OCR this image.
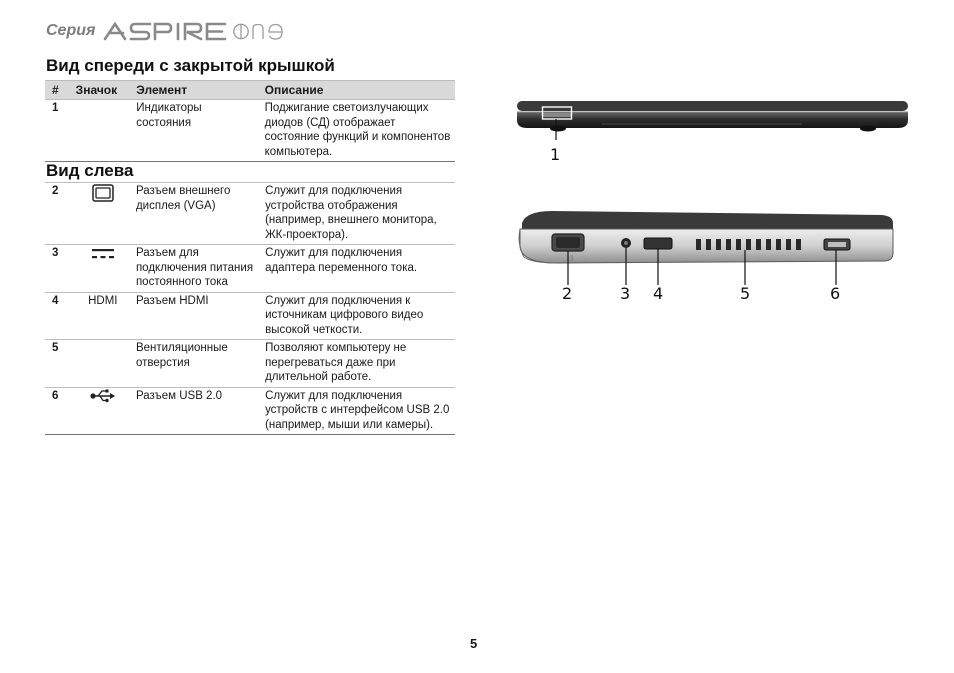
Серия
Вид спереди с закрытой крышкой
#	Значок	Элемент	Описание
1		Индикаторы состояния	Поджигание светоизлучающих диодов (СД) отображает состояние функций и компонентов компьютера.
Вид слева
2		Разъем внешнего дисплея (VGA)	Служит для подключения устройства отображения (например, внешнего монитора, ЖК-проектора).
3		Разъем для подключения питания постоянного тока	Служит для подключения адаптера переменного тока.
4	HDMI	Разъем HDMI	Служит для подключения к источникам цифрового видео высокой четкости.
5		Вентиляционные отверстия	Позволяют компьютеру не перегреваться даже при длительной работе.
6		Разъем USB 2.0	Служит для подключения устройств с интерфейсом USB 2.0 (например, мыши или камеры).
1
2	3 4	5	6
5
